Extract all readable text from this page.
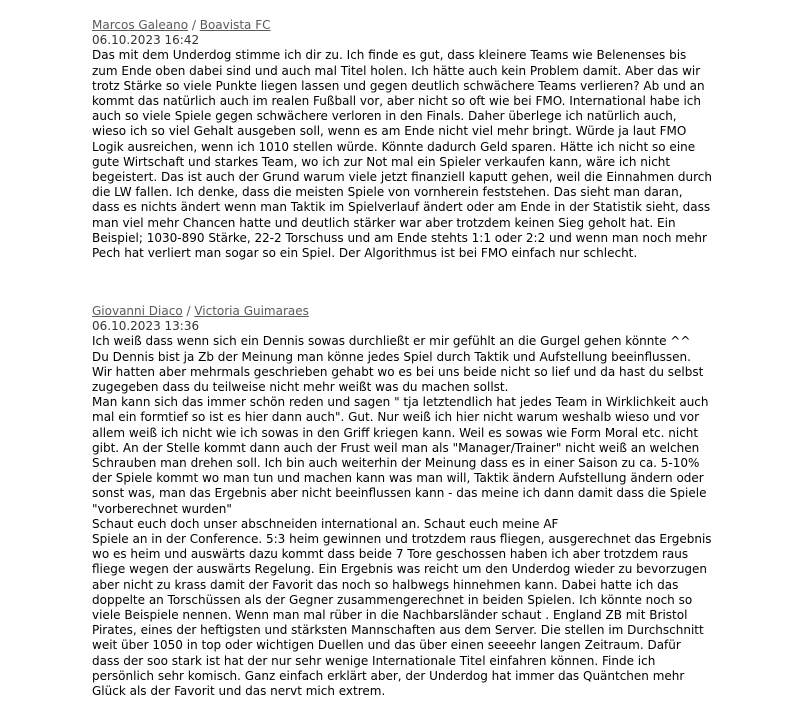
Marcos Galeano / Boavista FC
06.10.2023 16:42

Das mit dem Underdog stimme ich dir zu. Ich finde es gut, dass kleinere Teams wie Belenenses bis zum Ende oben dabei sind und auch mal Titel holen. Ich hätte auch kein Problem damit. Aber das wir trotz Stärke so viele Punkte liegen lassen und gegen deutlich schwächere Teams verlieren? Ab und an kommt das natürlich auch im realen Fußball vor, aber nicht so oft wie bei FMO. International habe ich auch so viele Spiele gegen schwächere verloren in den Finals. Daher überlege ich natürlich auch, wieso ich so viel Gehalt ausgeben soll, wenn es am Ende nicht viel mehr bringt. Würde ja laut FMO Logik ausreichen, wenn ich 1010 stellen würde. Könnte dadurch Geld sparen. Hätte ich nicht so eine gute Wirtschaft und starkes Team, wo ich zur Not mal ein Spieler verkaufen kann, wäre ich nicht begeistert. Das ist auch der Grund warum viele jetzt finanziell kaputt gehen, weil die Einnahmen durch die LW fallen. Ich denke, dass die meisten Spiele von vornherein feststehen. Das sieht man daran, dass es nichts ändert wenn man Taktik im Spielverlauf ändert oder am Ende in der Statistik sieht, dass man viel mehr Chancen hatte und deutlich stärker war aber trotzdem keinen Sieg geholt hat. Ein Beispiel; 1030-890 Stärke, 22-2 Torschuss und am Ende stehts 1:1 oder 2:2 und wenn man noch mehr Pech hat verliert man sogar so ein Spiel. Der Algorithmus ist bei FMO einfach nur schlecht.

Giovanni Diaco / Victoria Guimaraes
06.10.2023 13:36

Ich weiß dass wenn sich ein Dennis sowas durchließt er mir gefühlt an die Gurgel gehen könnte ^^
Du Dennis bist ja Zb der Meinung man könne jedes Spiel durch Taktik und Aufstellung beeinflussen. Wir hatten aber mehrmals geschrieben gehabt wo es bei uns beide nicht so lief und da hast du selbst zugegeben dass du teilweise nicht mehr weißt was du machen sollst.
Man kann sich das immer schön reden und sagen " tja letztendlich hat jedes Team in Wirklichkeit auch mal ein formtief so ist es hier dann auch". Gut. Nur weiß ich hier nicht warum weshalb wieso und vor allem weiß ich nicht wie ich sowas in den Griff kriegen kann. Weil es sowas wie Form Moral etc. nicht gibt. An der Stelle kommt dann auch der Frust weil man als "Manager/Trainer" nicht weiß an welchen Schrauben man drehen soll. Ich bin auch weiterhin der Meinung dass es in einer Saison zu ca. 5-10% der Spiele kommt wo man tun und machen kann was man will, Taktik ändern Aufstellung ändern oder sonst was, man das Ergebnis aber nicht beeinflussen kann - das meine ich dann damit dass die Spiele "vorberechnet wurden"
Schaut euch doch unser abschneiden international an. Schaut euch meine AF
Spiele an in der Conference. 5:3 heim gewinnen und trotzdem raus fliegen, ausgerechnet das Ergebnis wo es heim und auswärts dazu kommt dass beide 7 Tore geschossen haben ich aber trotzdem raus fliege wegen der auswärts Regelung. Ein Ergebnis was reicht um den Underdog wieder zu bevorzugen aber nicht zu krass damit der Favorit das noch so halbwegs hinnehmen kann. Dabei hatte ich das doppelte an Torschüssen als der Gegner zusammengerechnet in beiden Spielen. Ich könnte noch so viele Beispiele nennen. Wenn man mal rüber in die Nachbarsländer schaut . England ZB mit Bristol Pirates, eines der heftigsten und stärksten Mannschaften aus dem Server. Die stellen im Durchschnitt weit über 1050 in top oder wichtigen Duellen und das über einen seeeehr langen Zeitraum. Dafür dass der soo stark ist hat der nur sehr wenige Internationale Titel einfahren können. Finde ich persönlich sehr komisch. Ganz einfach erklärt aber, der Underdog hat immer das Quäntchen mehr Glück als der Favorit und das nervt mich extrem.
